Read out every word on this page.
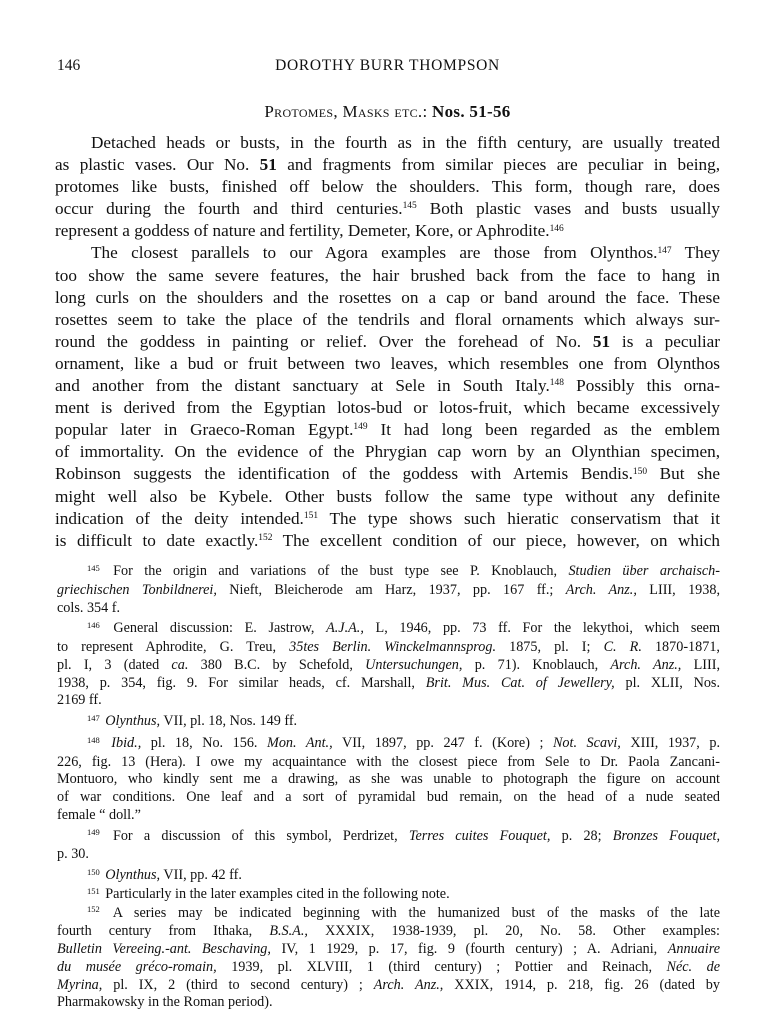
146	DOROTHY BURR THOMPSON
Protomes, Masks etc.: Nos. 51-56
Detached heads or busts, in the fourth as in the fifth century, are usually treated
as plastic vases. Our No. 51 and fragments from similar pieces are peculiar in being,
protomes like busts, finished off below the shoulders. This form, though rare, does
occur during the fourth and third centuries.$^{145}$ Both plastic vases and busts usually
represent a goddess of nature and fertility, Demeter, Kore, or Aphrodite.$^{146}$
The closest parallels to our Agora examples are those from Olynthos.$^{147}$ They
too show the same severe features, the hair brushed back from the face to hang in
long curls on the shoulders and the rosettes on a cap or band around the face. These
rosettes seem to take the place of the tendrils and floral ornaments which always sur-
round the goddess in painting or relief. Over the forehead of No. 51 is a peculiar
ornament, like a bud or fruit between two leaves, which resembles one from Olynthos
and another from the distant sanctuary at Sele in South Italy.$^{148}$ Possibly this orna-
ment is derived from the Egyptian lotos-bud or lotos-fruit, which became excessively
popular later in Graeco-Roman Egypt.$^{149}$ It had long been regarded as the emblem
of immortality. On the evidence of the Phrygian cap worn by an Olynthian specimen,
Robinson suggests the identification of the goddess with Artemis Bendis.$^{150}$ But she
might well also be Kybele. Other busts follow the same type without any definite
indication of the deity intended.$^{151}$ The type shows such hieratic conservatism that it
is difficult to date exactly.$^{152}$ The excellent condition of our piece, however, on which
$^{145}$ For the origin and variations of the bust type see P. Knoblauch, Studien über archaisch-
griechischen Tonbildnerei, Nieft, Bleicherode am Harz, 1937, pp. 167 ff.; Arch. Anz., LIII, 1938,
cols. 354 f.
$^{146}$ General discussion: E. Jastrow, A.J.A., L, 1946, pp. 73 ff. For the lekythoi, which seem
to represent Aphrodite, G. Treu, 35tes Berlin. Winckelmannsprog. 1875, pl. I; C. R. 1870-1871,
pl. I, 3 (dated ca. 380 B.C. by Schefold, Untersuchungen, p. 71). Knoblauch, Arch. Anz., LIII,
1938, p. 354, fig. 9. For similar heads, cf. Marshall, Brit. Mus. Cat. of Jewellery, pl. XLII, Nos.
2169 ff.
$^{147}$ Olynthus, VII, pl. 18, Nos. 149 ff.
$^{148}$ Ibid., pl. 18, No. 156. Mon. Ant., VII, 1897, pp. 247 f. (Kore) ; Not. Scavi, XIII, 1937, p.
226, fig. 13 (Hera). I owe my acquaintance with the closest piece from Sele to Dr. Paola Zancani-
Montuoro, who kindly sent me a drawing, as she was unable to photograph the figure on account
of war conditions. One leaf and a sort of pyramidal bud remain, on the head of a nude seated
female “ doll.”
$^{149}$ For a discussion of this symbol, Perdrizet, Terres cuites Fouquet, p. 28; Bronzes Fouquet,
p. 30.
$^{150}$ Olynthus, VII, pp. 42 ff.
$^{151}$ Particularly in the later examples cited in the following note.
$^{152}$ A series may be indicated beginning with the humanized bust of the masks of the late
fourth century from Ithaka, B.S.A., XXXIX, 1938-1939, pl. 20, No. 58. Other examples:
Bulletin Vereeing.-ant. Beschaving, IV, 1 1929, p. 17, fig. 9 (fourth century) ; A. Adriani, Annuaire
du musée gréco-romain, 1939, pl. XLVIII, 1 (third century) ; Pottier and Reinach, Néc. de
Myrina, pl. IX, 2 (third to second century) ; Arch. Anz., XXIX, 1914, p. 218, fig. 26 (dated by
Pharmakowsky in the Roman period).
